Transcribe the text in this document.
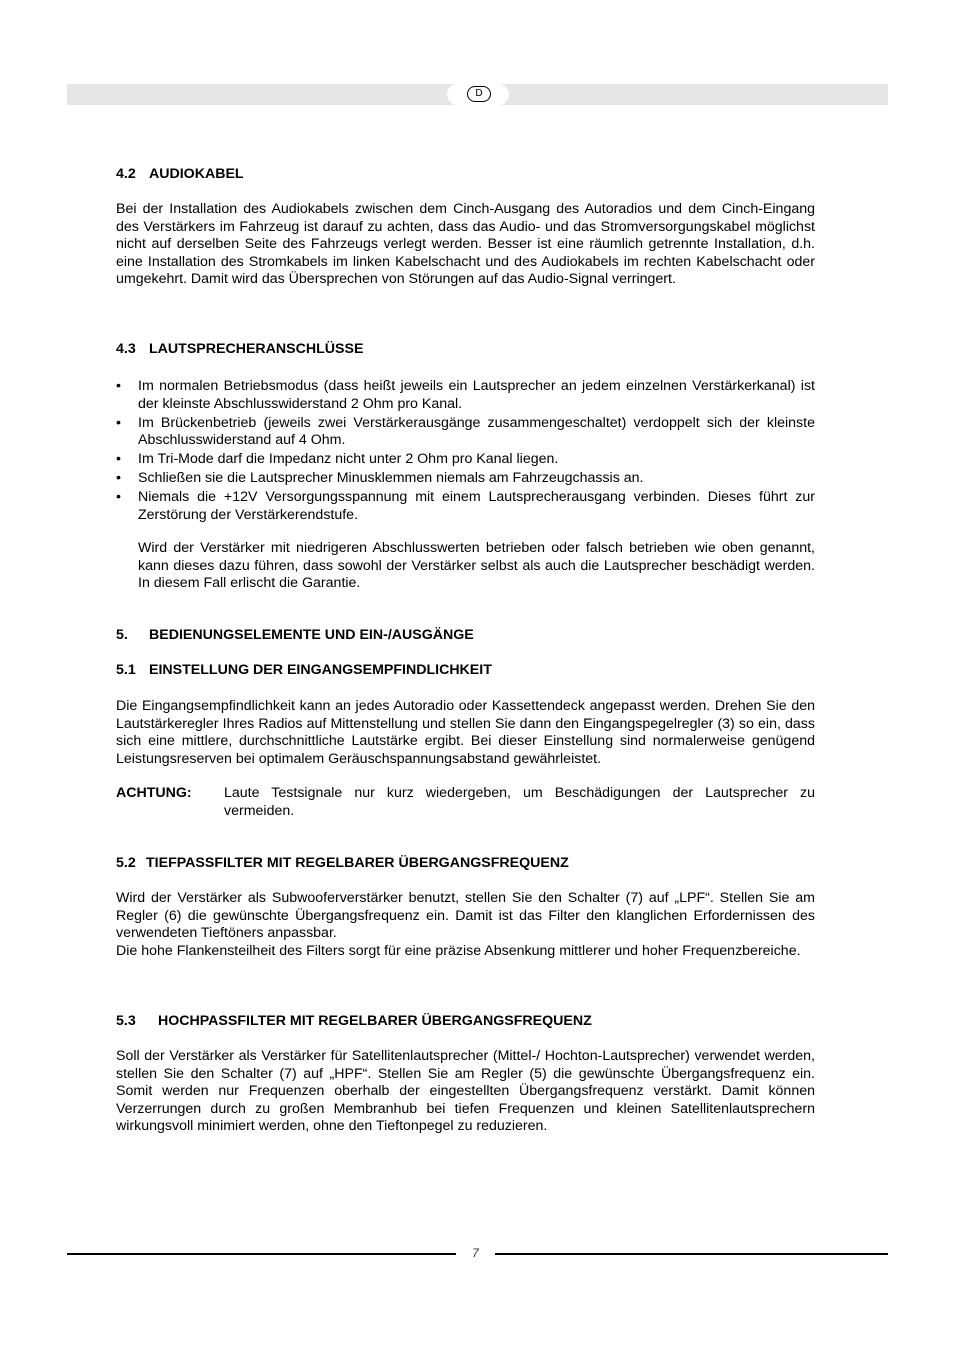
D
4.2 AUDIOKABEL

Bei der Installation des Audiokabels zwischen dem Cinch-Ausgang des Autoradios und dem Cinch-Eingang des Verstärkers im Fahrzeug ist darauf zu achten, dass das Audio- und das Stromversorgungskabel möglichst nicht auf derselben Seite des Fahrzeugs verlegt werden. Besser ist eine räumlich getrennte Installation, d.h. eine Installation des Stromkabels im linken Kabelschacht und des Audiokabels im rechten Kabelschacht oder umgekehrt. Damit wird das Übersprechen von Störungen auf das Audio-Signal verringert.

4.3 LAUTSPRECHERANSCHLÜSSE
• Im normalen Betriebsmodus (dass heißt jeweils ein Lautsprecher an jedem einzelnen Verstärkerkanal) ist der kleinste Abschlusswiderstand 2 Ohm pro Kanal.
• Im Brückenbetrieb (jeweils zwei Verstärkerausgänge zusammengeschaltet) verdoppelt sich der kleinste Abschlusswiderstand auf 4 Ohm.
• Im Tri-Mode darf die Impedanz nicht unter 2 Ohm pro Kanal liegen.
• Schließen sie die Lautsprecher Minusklemmen niemals am Fahrzeugchassis an.
• Niemals die +12V Versorgungsspannung mit einem Lautsprecherausgang verbinden. Dieses führt zur Zerstörung der Verstärkerendstufe.

Wird der Verstärker mit niedrigeren Abschlusswerten betrieben oder falsch betrieben wie oben genannt, kann dieses dazu führen, dass sowohl der Verstärker selbst als auch die Lautsprecher beschädigt werden. In diesem Fall erlischt die Garantie.

5. BEDIENUNGSELEMENTE UND EIN-/AUSGÄNGE
5.1 EINSTELLUNG DER EINGANGSEMPFINDLICHKEIT

Die Eingangsempfindlichkeit kann an jedes Autoradio oder Kassettendeck angepasst werden. Drehen Sie den Lautstärkeregler Ihres Radios auf Mittenstellung und stellen Sie dann den Eingangspegelregler (3) so ein, dass sich eine mittlere, durchschnittliche Lautstärke ergibt. Bei dieser Einstellung sind normalerweise genügend Leistungsreserven bei optimalem Geräuschspannungsabstand gewährleistet.

ACHTUNG:	Laute Testsignale nur kurz wiedergeben, um Beschädigungen der Lautsprecher zu vermeiden.
5.2 TIEFPASSFILTER MIT REGELBARER ÜBERGANGSFREQUENZ

Wird der Verstärker als Subwooferverstärker benutzt, stellen Sie den Schalter (7) auf „LPF“. Stellen Sie am Regler (6) die gewünschte Übergangsfrequenz ein. Damit ist das Filter den klanglichen Erfordernissen des verwendeten Tieftöners anpassbar.

Die hohe Flankensteilheit des Filters sorgt für eine präzise Absenkung mittlerer und hoher Frequenzbereiche.

5.3 HOCHPASSFILTER MIT REGELBARER ÜBERGANGSFREQUENZ

Soll der Verstärker als Verstärker für Satellitenlautsprecher (Mittel-/ Hochton-Lautsprecher) verwendet werden, stellen Sie den Schalter (7) auf „HPF“. Stellen Sie am Regler (5) die gewünschte Übergangsfrequenz ein. Somit werden nur Frequenzen oberhalb der eingestellten Übergangsfrequenz verstärkt. Damit können Verzerrungen durch zu großen Membranhub bei tiefen Frequenzen und kleinen Satellitenlautsprechern wirkungsvoll minimiert werden, ohne den Tieftonpegel zu reduzieren.

7
